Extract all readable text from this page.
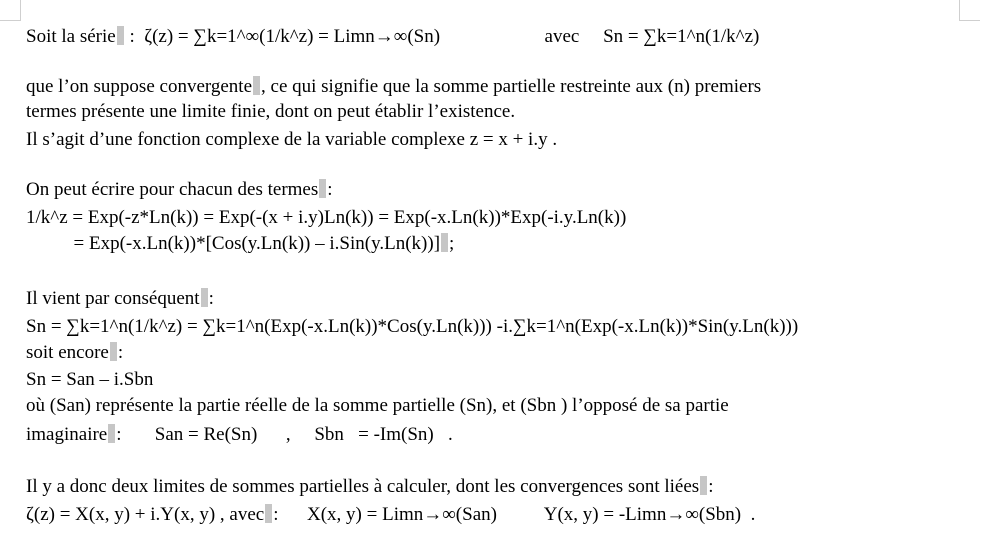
Soit la série :  ζ(z) = ∑k=1^∞(1/k^z) = Limn→∞(Sn)                      avec     Sn = ∑k=1^n(1/k^z)
que l’on suppose convergente , ce qui signifie que la somme partielle restreinte aux (n) premiers
termes présente une limite finie, dont on peut établir l’existence.
Il s’agit d’une fonction complexe de la variable complexe z = x + i.y .
On peut écrire pour chacun des termes :
1/k^z = Exp(-z*Ln(k)) = Exp(-(x + i.y)Ln(k)) = Exp(-x.Ln(k))*Exp(-i.y.Ln(k))
= Exp(-x.Ln(k))*[Cos(y.Ln(k)) – i.Sin(y.Ln(k))] ;
Il vient par conséquent :
Sn = ∑k=1^n(1/k^z) = ∑k=1^n(Exp(-x.Ln(k))*Cos(y.Ln(k))) -i.∑k=1^n(Exp(-x.Ln(k))*Sin(y.Ln(k)))
soit encore :
Sn = San – i.Sbn
où (San) représente la partie réelle de la somme partielle (Sn), et (Sbn ) l’opposé de sa partie
imaginaire :       San = Re(Sn)      ,     Sbn   = -Im(Sn)   .
Il y a donc deux limites de sommes partielles à calculer, dont les convergences sont liées :
ζ(z) = X(x, y) + i.Y(x, y) , avec :      X(x, y) = Limn→∞(San)          Y(x, y) = -Limn→∞(Sbn)  .
